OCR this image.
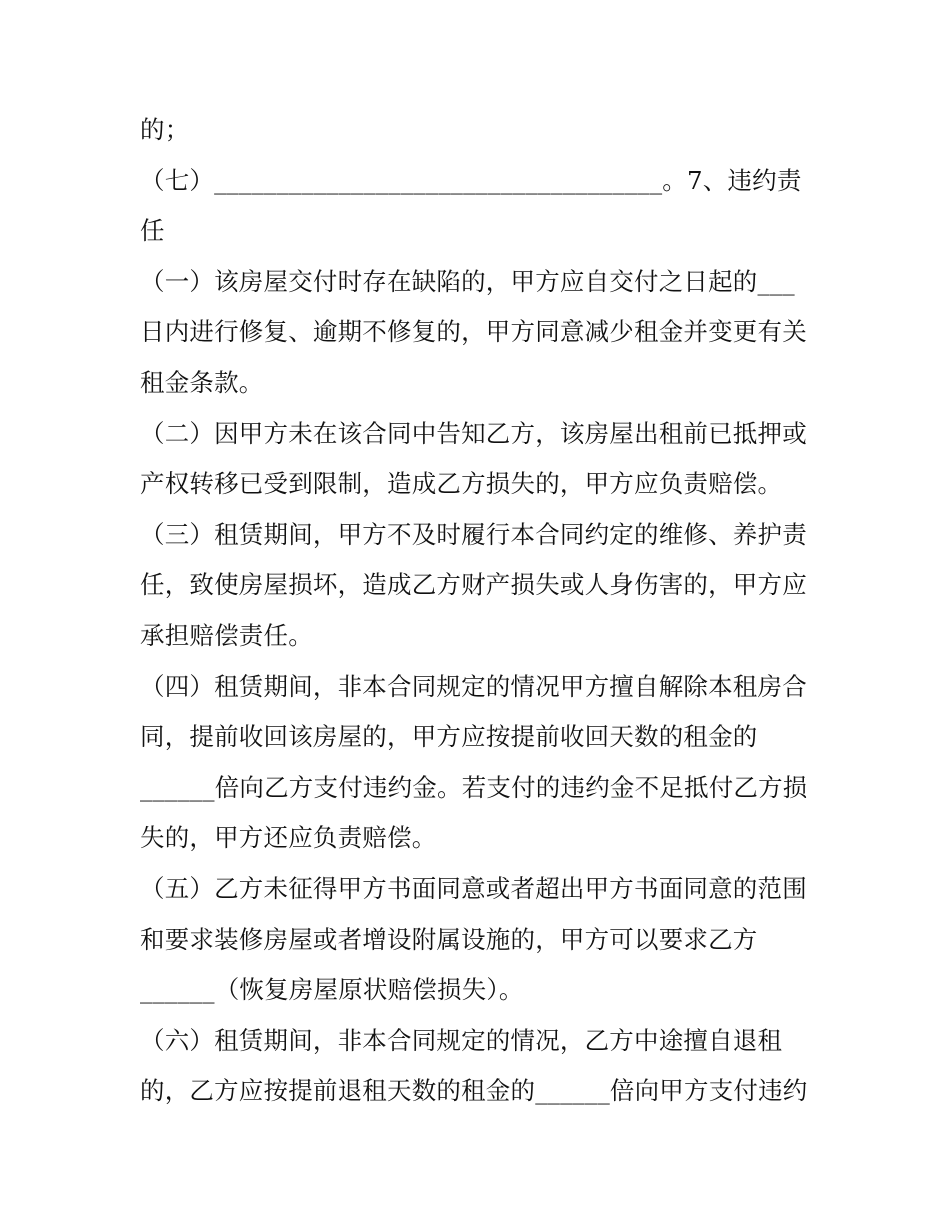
的；
（七）____________________________________。7、违约责
任
（一）该房屋交付时存在缺陷的，甲方应自交付之日起的___
日内进行修复、逾期不修复的，甲方同意减少租金并变更有关
租金条款。
（二）因甲方未在该合同中告知乙方，该房屋出租前已抵押或
产权转移已受到限制，造成乙方损失的，甲方应负责赔偿。
（三）租赁期间，甲方不及时履行本合同约定的维修、养护责
任，致使房屋损坏，造成乙方财产损失或人身伤害的，甲方应
承担赔偿责任。
（四）租赁期间，非本合同规定的情况甲方擅自解除本租房合
同，提前收回该房屋的，甲方应按提前收回天数的租金的
______倍向乙方支付违约金。若支付的违约金不足抵付乙方损
失的，甲方还应负责赔偿。
（五）乙方未征得甲方书面同意或者超出甲方书面同意的范围
和要求装修房屋或者增设附属设施的，甲方可以要求乙方
______（恢复房屋原状赔偿损失）。
（六）租赁期间，非本合同规定的情况，乙方中途擅自退租
的，乙方应按提前退租天数的租金的______倍向甲方支付违约
